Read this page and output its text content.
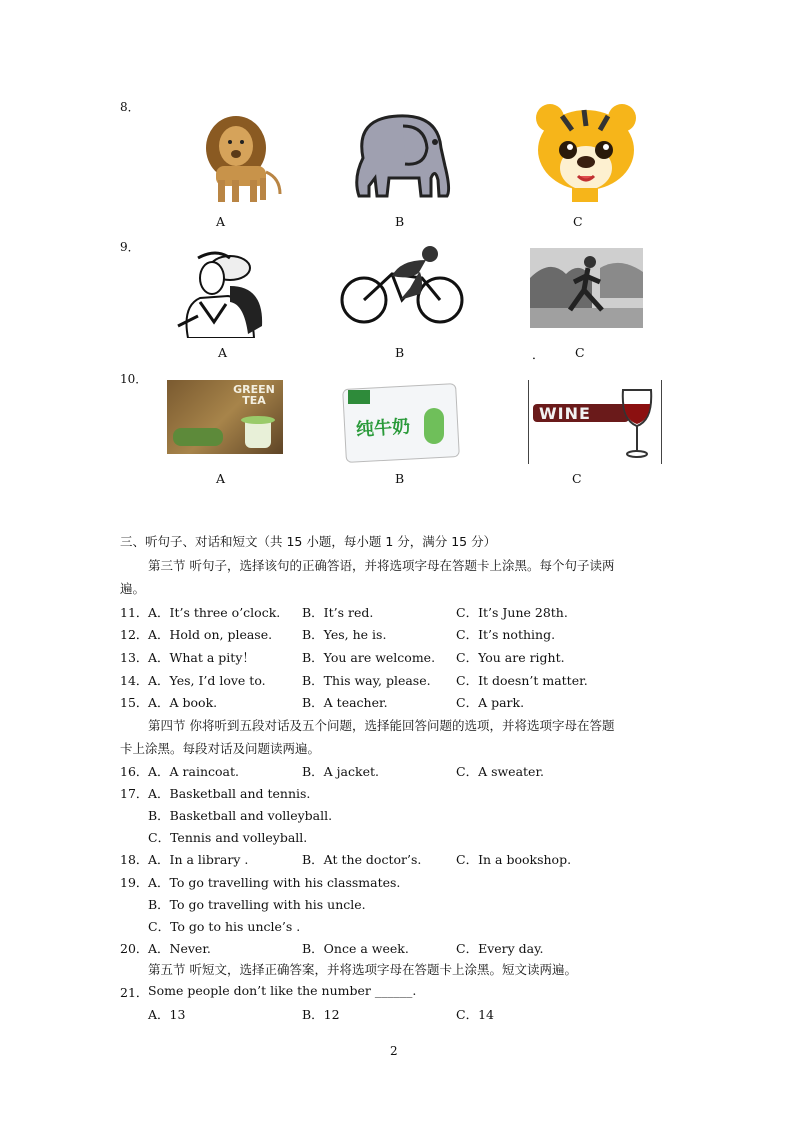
8．
A	B	C
9．
A	B	． C
10．
GREEN TEA
纯牛奶
WINE
A	B	C
三、听句子、对话和短文（共 15 小题，每小题 1 分，满分 15 分）
第三节 听句子，选择该句的正确答语，并将选项字母在答题卡上涂黑。每个句子读两
遍。
11． A．It’s three o’clock. B．It’s red.	C．It’s June 28th.
12． A．Hold on, please. B．Yes, he is.	C．It’s nothing.
13． A．What a pity！	B．You are welcome. C．You are right.
14． A．Yes, I’d love to.	B．This way, please. C．It doesn’t matter.
15． A．A book.	B．A teacher.	C．A park.
第四节 你将听到五段对话及五个问题，选择能回答问题的选项，并将选项字母在答题
卡上涂黑。每段对话及问题读两遍。
16． A．A raincoat.	B．A jacket.	C．A sweater.
17． A．Basketball and tennis.
B．Basketball and volleyball.
C．Tennis and volleyball.
18． A．In a library .	B．At the doctor’s.	C．In a bookshop.
19． A．To go travelling with his classmates.
B．To go travelling with his uncle.
C．To go to his uncle’s .
20． A．Never.	B．Once a week.	C．Every day.
第五节 听短文，选择正确答案，并将选项字母在答题卡上涂黑。短文读两遍。
21． Some people don’t like the number ______.
A．13	B．12	C．14
2
